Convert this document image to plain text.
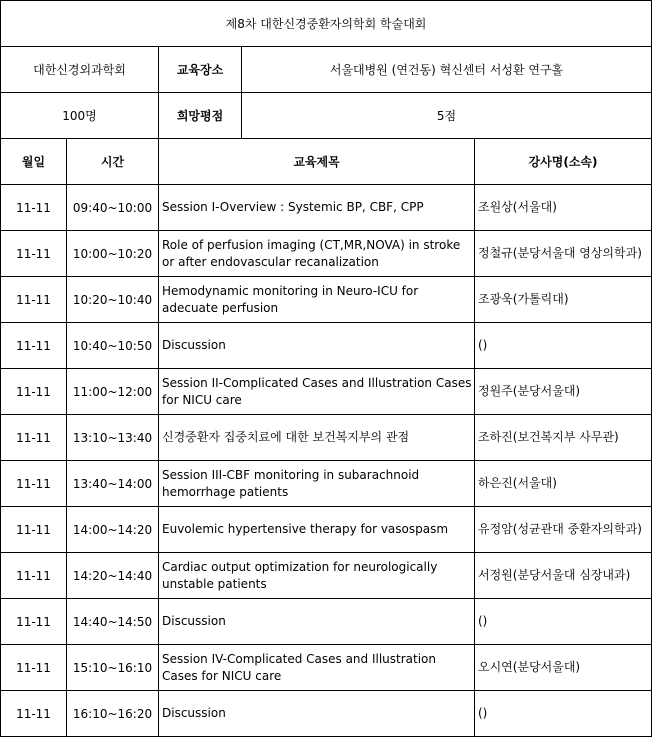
제8차 대한신경중환자의학회 학술대회				
대한신경외과학회		교육장소	서울대병원 (연건동) 혁신센터 서성환 연구홀	
100명		희망평점	5점	
월일	시간	교육제목		강사명(소속)
11-11	09:40~10:00	Session I-Overview : Systemic BP, CBF, CPP		조원상(서울대)
11-11	10:00~10:20	Role of perfusion imaging (CT,MR,NOVA) in stroke or after endovascular recanalization		정철규(분당서울대 영상의학과)
11-11	10:20~10:40	Hemodynamic monitoring in Neuro-ICU for adecuate perfusion		조광욱(가톨릭대)
11-11	10:40~10:50	Discussion		()
11-11	11:00~12:00	Session II-Complicated Cases and Illustration Cases for NICU care		정원주(분당서울대)
11-11	13:10~13:40	신경중환자 집중치료에 대한 보건복지부의 관점		조하진(보건복지부 사무관)
11-11	13:40~14:00	Session III-CBF monitoring in subarachnoid hemorrhage patients		하은진(서울대)
11-11	14:00~14:20	Euvolemic hypertensive therapy for vasospasm		유정암(성균관대 중환자의학과)
11-11	14:20~14:40	Cardiac output optimization for neurologically unstable patients		서정원(분당서울대 심장내과)
11-11	14:40~14:50	Discussion		()
11-11	15:10~16:10	Session IV-Complicated Cases and Illustration Cases for NICU care		오시연(분당서울대)
11-11	16:10~16:20	Discussion		()
